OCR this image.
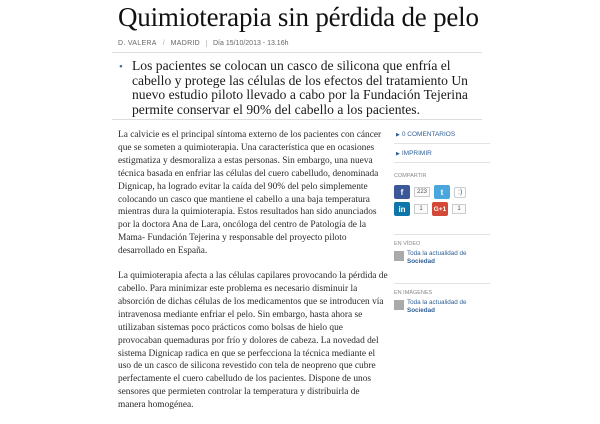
Quimioterapia sin pérdida de pelo
D. VALERA / MADRID Día 15/10/2013 - 13.16h
• Los pacientes se colocan un casco de silicona que enfría el cabello y protege las células de los efectos del tratamiento Un nuevo estudio piloto llevado a cabo por la Fundación Tejerina permite conservar el 90% del cabello a los pacientes.

La calvicie es el principal síntoma externo de los pacientes con cáncer que se someten a quimioterapia. Una característica que en ocasiones estigmatiza y desmoraliza a estas personas. Sin embargo, una nueva técnica basada en enfriar las células del cuero cabelludo, denominada Dignicap, ha logrado evitar la caída del 90% del pelo simplemente colocando un casco que mantiene el cabello a una baja temperatura mientras dura la quimioterapia. Estos resultados han sido anunciados por la doctora Ana de Lara, oncóloga del centro de Patología de la Mama- Fundación Tejerina y responsable del proyecto piloto desarrollado en España.

La quimioterapia afecta a las células capilares provocando la pérdida de cabello. Para minimizar este problema es necesario disminuir la absorción de dichas células de los medicamentos que se introducen vía intravenosa mediante enfriar el pelo. Sin embargo, hasta ahora se utilizaban sistemas poco prácticos como bolsas de hielo que provocaban quemaduras por frío y dolores de cabeza. La novedad del sistema Dignicap radica en que se perfecciona la técnica mediante el uso de un casco de silicona revestido con tela de neopreno que cubre perfectamente el cuero cabelludo de los pacientes. Dispone de unos sensores que permieten controlar la temperatura y distribuirla de manera homogénea.

▶ 0 COMENTARIOS
▶ IMPRIMIR
COMPARTIR
f	223	t	:)
in	1	G+1	1
EN VÍDEO
Toda la actualidad de
Sociedad
EN IMÁGENES
Toda la actualidad de
Sociedad
